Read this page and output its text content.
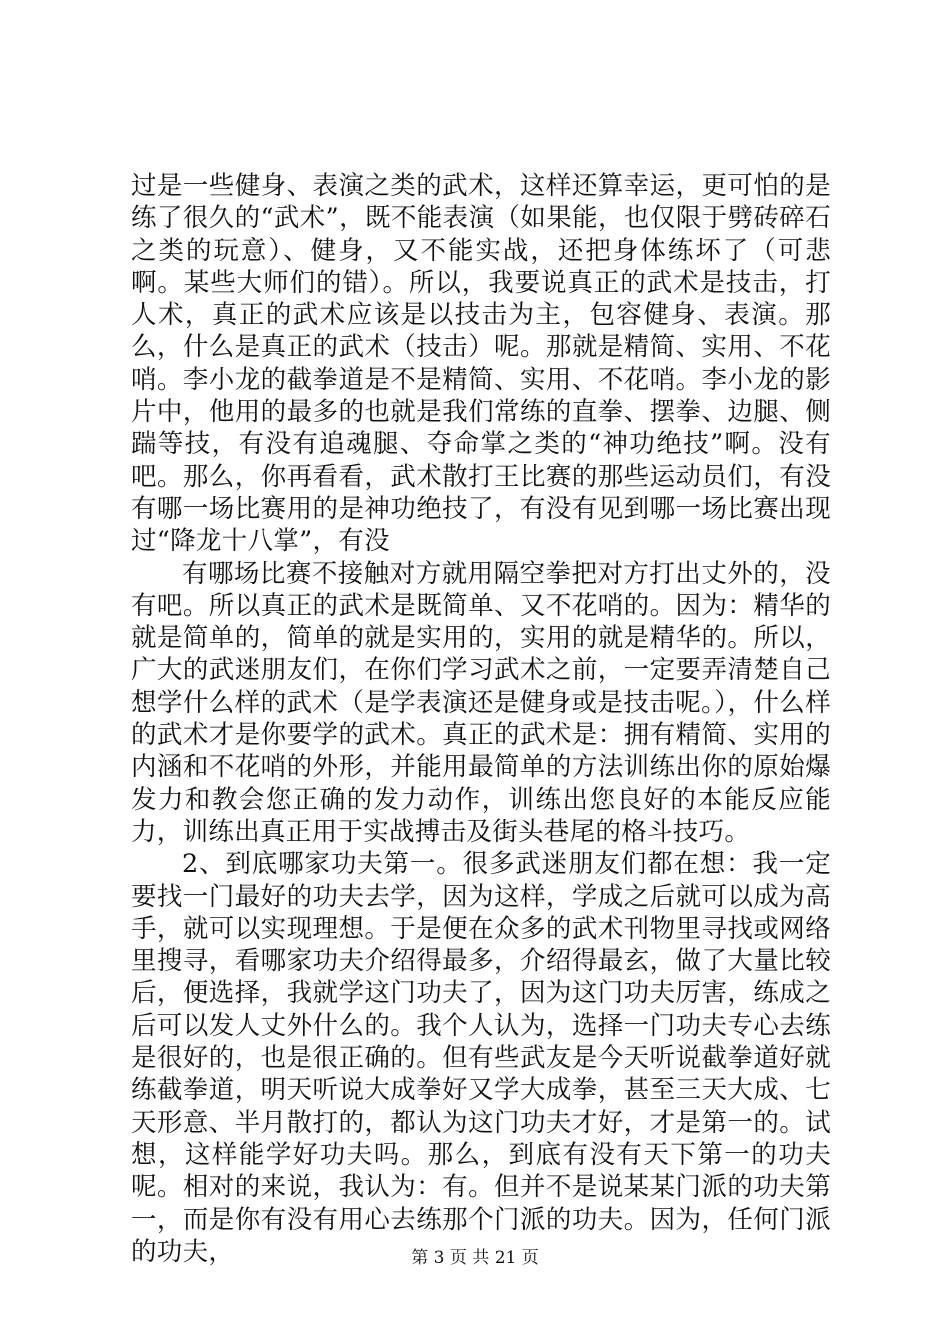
过是一些健身、表演之类的武术，这样还算幸运，更可怕的是练了很久的“武术”，既不能表演（如果能，也仅限于劈砖碎石之类的玩意）、健身，又不能实战，还把身体练坏了（可悲啊。某些大师们的错）。所以，我要说真正的武术是技击，打人术，真正的武术应该是以技击为主，包容健身、表演。那么，什么是真正的武术（技击）呢。那就是精简、实用、不花哨。李小龙的截拳道是不是精简、实用、不花哨。李小龙的影片中，他用的最多的也就是我们常练的直拳、摆拳、边腿、侧踹等技，有没有追魂腿、夺命掌之类的“神功绝技”啊。没有吧。那么，你再看看，武术散打王比赛的那些运动员们，有没有哪一场比赛用的是神功绝技了，有没有见到哪一场比赛出现过“降龙十八掌”，有没

有哪场比赛不接触对方就用隔空拳把对方打出丈外的，没有吧。所以真正的武术是既简单、又不花哨的。因为：精华的就是简单的，简单的就是实用的，实用的就是精华的。所以，广大的武迷朋友们，在你们学习武术之前，一定要弄清楚自己想学什么样的武术（是学表演还是健身或是技击呢。），什么样的武术才是你要学的武术。真正的武术是：拥有精简、实用的内涵和不花哨的外形，并能用最简单的方法训练出你的原始爆发力和教会您正确的发力动作，训练出您良好的本能反应能力，训练出真正用于实战搏击及街头巷尾的格斗技巧。

2、到底哪家功夫第一。很多武迷朋友们都在想：我一定要找一门最好的功夫去学，因为这样，学成之后就可以成为高手，就可以实现理想。于是便在众多的武术刊物里寻找或网络里搜寻，看哪家功夫介绍得最多，介绍得最玄，做了大量比较后，便选择，我就学这门功夫了，因为这门功夫厉害，练成之后可以发人丈外什么的。我个人认为，选择一门功夫专心去练是很好的，也是很正确的。但有些武友是今天听说截拳道好就练截拳道，明天听说大成拳好又学大成拳，甚至三天大成、七天形意、半月散打的，都认为这门功夫才好，才是第一的。试想，这样能学好功夫吗。那么，到底有没有天下第一的功夫呢。相对的来说，我认为：有。但并不是说某某门派的功夫第一，而是你有没有用心去练那个门派的功夫。因为，任何门派的功夫，	第 3 页 共 21 页
